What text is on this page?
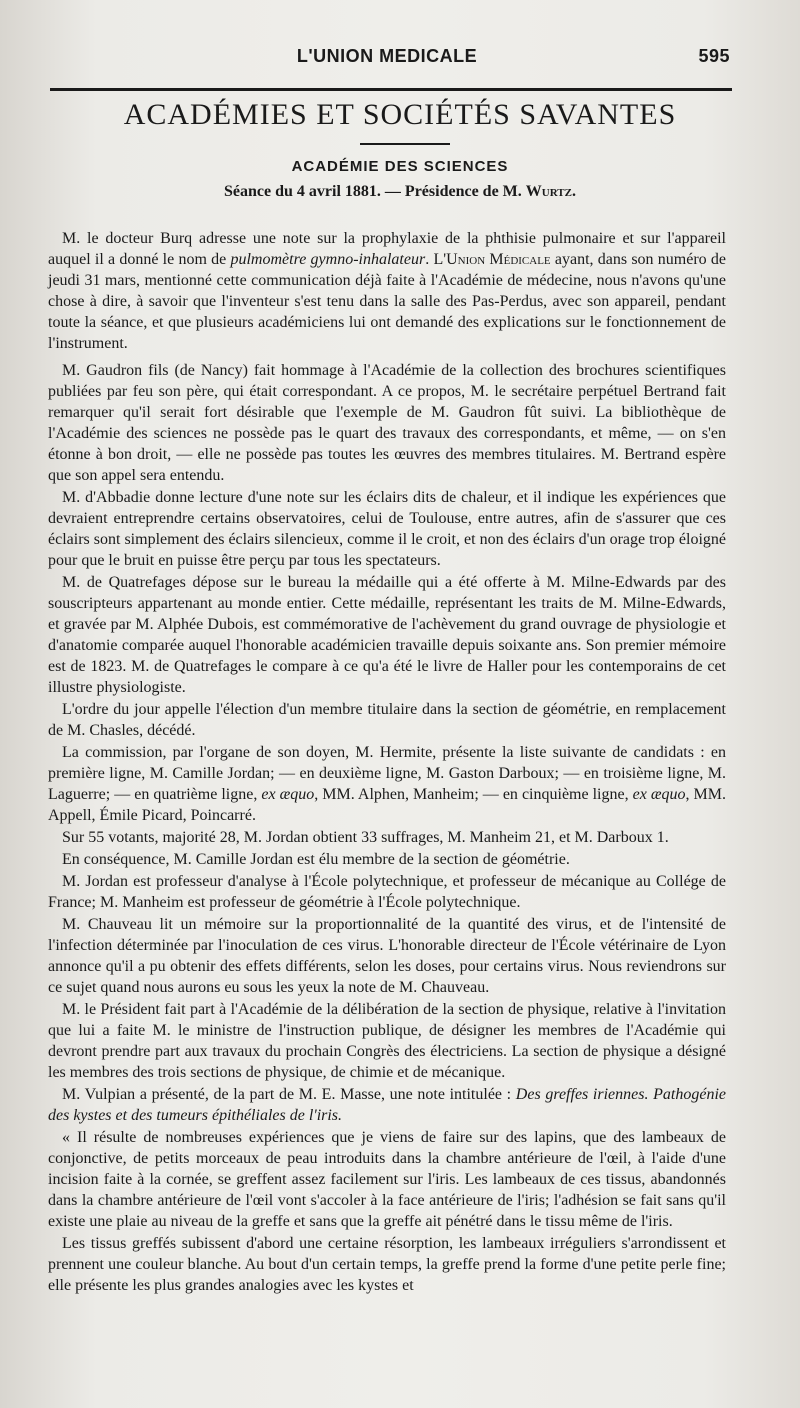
L'UNION MEDICALE	595
ACADÉMIES ET SOCIÉTÉS SAVANTES
ACADÉMIE DES SCIENCES
Séance du 4 avril 1881. — Présidence de M. Wurtz.

M. le docteur Burq adresse une note sur la prophylaxie de la phthisie pulmonaire et sur l'appareil auquel il a donné le nom de pulmomètre gymno-inhalateur. L'Union Médicale ayant, dans son numéro de jeudi 31 mars, mentionné cette communication déjà faite à l'Académie de médecine, nous n'avons qu'une chose à dire, à savoir que l'inventeur s'est tenu dans la salle des Pas-Perdus, avec son appareil, pendant toute la séance, et que plusieurs académiciens lui ont demandé des explications sur le fonctionnement de l'instrument.

M. Gaudron fils (de Nancy) fait hommage à l'Académie de la collection des brochures scientifiques publiées par feu son père, qui était correspondant. A ce propos, M. le secrétaire perpétuel Bertrand fait remarquer qu'il serait fort désirable que l'exemple de M. Gaudron fût suivi. La bibliothèque de l'Académie des sciences ne possède pas le quart des travaux des correspondants, et même, — on s'en étonne à bon droit, — elle ne possède pas toutes les œuvres des membres titulaires. M. Bertrand espère que son appel sera entendu.

M. d'Abbadie donne lecture d'une note sur les éclairs dits de chaleur, et il indique les expériences que devraient entreprendre certains observatoires, celui de Toulouse, entre autres, afin de s'assurer que ces éclairs sont simplement des éclairs silencieux, comme il le croit, et non des éclairs d'un orage trop éloigné pour que le bruit en puisse être perçu par tous les spectateurs.

M. de Quatrefages dépose sur le bureau la médaille qui a été offerte à M. Milne-Edwards par des souscripteurs appartenant au monde entier. Cette médaille, représentant les traits de M. Milne-Edwards, et gravée par M. Alphée Dubois, est commémorative de l'achèvement du grand ouvrage de physiologie et d'anatomie comparée auquel l'honorable académicien travaille depuis soixante ans. Son premier mémoire est de 1823. M. de Quatrefages le compare à ce qu'a été le livre de Haller pour les contemporains de cet illustre physiologiste.

L'ordre du jour appelle l'élection d'un membre titulaire dans la section de géométrie, en remplacement de M. Chasles, décédé.

La commission, par l'organe de son doyen, M. Hermite, présente la liste suivante de candidats : en première ligne, M. Camille Jordan; — en deuxième ligne, M. Gaston Darboux; — en troisième ligne, M. Laguerre; — en quatrième ligne, ex æquo, MM. Alphen, Manheim; — en cinquième ligne, ex æquo, MM. Appell, Émile Picard, Poincarré.

Sur 55 votants, majorité 28, M. Jordan obtient 33 suffrages, M. Manheim 21, et M. Darboux 1.

En conséquence, M. Camille Jordan est élu membre de la section de géométrie.

M. Jordan est professeur d'analyse à l'École polytechnique, et professeur de mécanique au Collége de France; M. Manheim est professeur de géométrie à l'École polytechnique.

M. Chauveau lit un mémoire sur la proportionnalité de la quantité des virus, et de l'intensité de l'infection déterminée par l'inoculation de ces virus. L'honorable directeur de l'École vétérinaire de Lyon annonce qu'il a pu obtenir des effets différents, selon les doses, pour certains virus. Nous reviendrons sur ce sujet quand nous aurons eu sous les yeux la note de M. Chauveau.

M. le Président fait part à l'Académie de la délibération de la section de physique, relative à l'invitation que lui a faite M. le ministre de l'instruction publique, de désigner les membres de l'Académie qui devront prendre part aux travaux du prochain Congrès des électriciens. La section de physique a désigné les membres des trois sections de physique, de chimie et de mécanique.

M. Vulpian a présenté, de la part de M. E. Masse, une note intitulée : Des greffes iriennes. Pathogénie des kystes et des tumeurs épithéliales de l'iris.

« Il résulte de nombreuses expériences que je viens de faire sur des lapins, que des lambeaux de conjonctive, de petits morceaux de peau introduits dans la chambre antérieure de l'œil, à l'aide d'une incision faite à la cornée, se greffent assez facilement sur l'iris. Les lambeaux de ces tissus, abandonnés dans la chambre antérieure de l'œil vont s'accoler à la face antérieure de l'iris; l'adhésion se fait sans qu'il existe une plaie au niveau de la greffe et sans que la greffe ait pénétré dans le tissu même de l'iris.

Les tissus greffés subissent d'abord une certaine résorption, les lambeaux irréguliers s'arrondissent et prennent une couleur blanche. Au bout d'un certain temps, la greffe prend la forme d'une petite perle fine; elle présente les plus grandes analogies avec les kystes et
